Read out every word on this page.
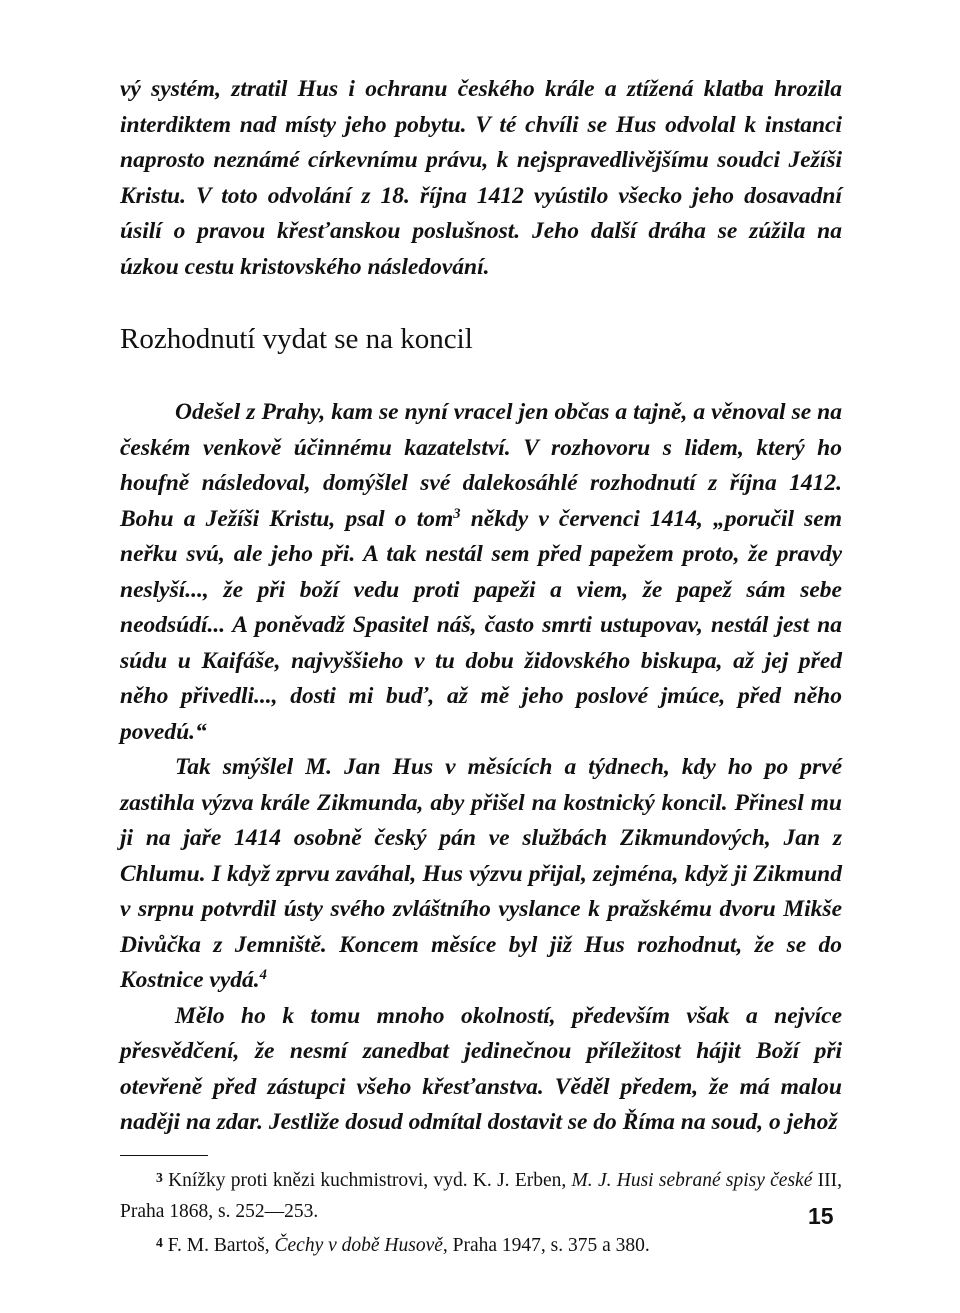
vý systém, ztratil Hus i ochranu českého krále a ztížená klatba hrozila interdiktem nad místy jeho pobytu. V té chvíli se Hus odvolal k instanci naprosto neznámé církevnímu právu, k nejspravedlivějšímu soudci Ježíši Kristu. V toto odvolání z 18. října 1412 vyústilo všecko jeho dosavadní úsilí o pravou křesťanskou poslušnost. Jeho další dráha se zúžila na úzkou cestu kristovského následování.

Rozhodnutí vydat se na koncil

Odešel z Prahy, kam se nyní vracel jen občas a tajně, a věnoval se na českém venkově účinnému kazatelství. V rozhovoru s lidem, který ho houfně následoval, domýšlel své dalekosáhlé rozhodnutí z října 1412. Bohu a Ježíši Kristu, psal o tom$^3$ někdy v červenci 1414, „poručil sem neřku svú, ale jeho při. A tak nestál sem před papežem proto, že pravdy neslyší..., že při boží vedu proti papeži a viem, že papež sám sebe neodsúdí... A poněvadž Spasitel náš, často smrti ustupovav, nestál jest na súdu u Kaifáše, najvyššieho v tu dobu židovského biskupa, až jej před něho přivedli..., dosti mi buď, až mě jeho poslové jmúce, před něho povedú.“

Tak smýšlel M. Jan Hus v měsících a týdnech, kdy ho po prvé zastihla výzva krále Zikmunda, aby přišel na kostnický koncil. Přinesl mu ji na jaře 1414 osobně český pán ve službách Zikmundových, Jan z Chlumu. I když zprvu zaváhal, Hus výzvu přijal, zejména, když ji Zikmund v srpnu potvrdil ústy svého zvláštního vyslance k pražskému dvoru Mikše Divůčka z Jemniště. Koncem měsíce byl již Hus rozhodnut, že se do Kostnice vydá.$^4$

Mělo ho k tomu mnoho okolností, především však a nejvíce přesvědčení, že nesmí zanedbat jedinečnou příležitost hájit Boží při otevřeně před zástupci všeho křesťanstva. Věděl předem, že má malou naději na zdar. Jestliže dosud odmítal dostavit se do Říma na soud, o jehož

$^3$ Knížky proti knězi kuchmistrovi, vyd. K. J. Erben, M. J. Husi sebrané spisy české III, Praha 1868, s. 252—253.

$^4$ F. M. Bartoš, Čechy v době Husově, Praha 1947, s. 375 a 380.

15
